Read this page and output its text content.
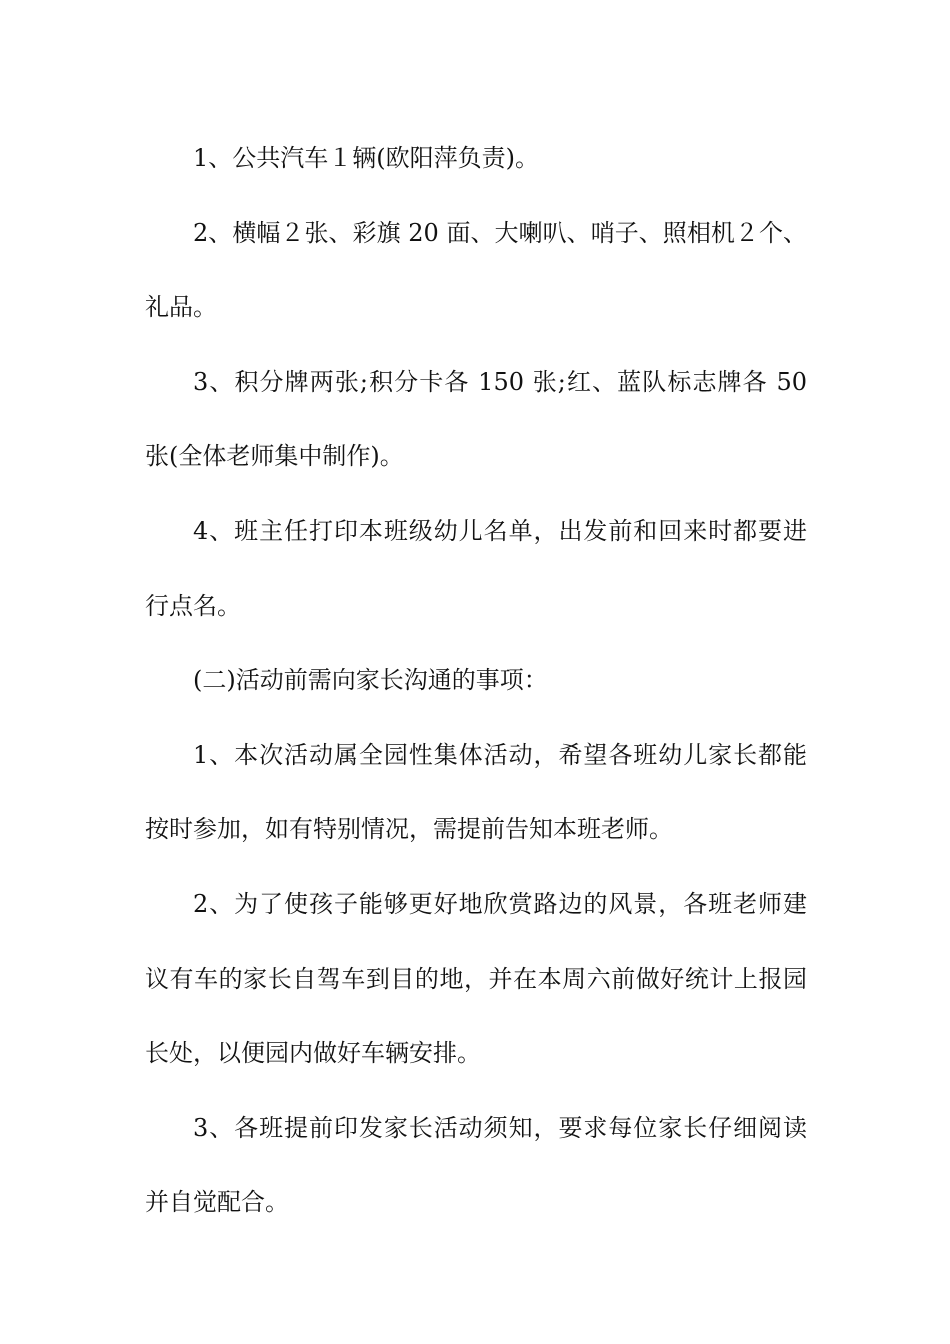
1、公共汽车１辆(欧阳萍负责)。

2、横幅２张、彩旗 20 面、大喇叭、哨子、照相机２个、礼品。

3、积分牌两张;积分卡各 150 张;红、蓝队标志牌各 50 张(全体老师集中制作)。

4、班主任打印本班级幼儿名单，出发前和回来时都要进行点名。

(二)活动前需向家长沟通的事项：

1、本次活动属全园性集体活动，希望各班幼儿家长都能按时参加，如有特别情况，需提前告知本班老师。

2、为了使孩子能够更好地欣赏路边的风景，各班老师建议有车的家长自驾车到目的地，并在本周六前做好统计上报园长处，以便园内做好车辆安排。

3、各班提前印发家长活动须知，要求每位家长仔细阅读并自觉配合。
